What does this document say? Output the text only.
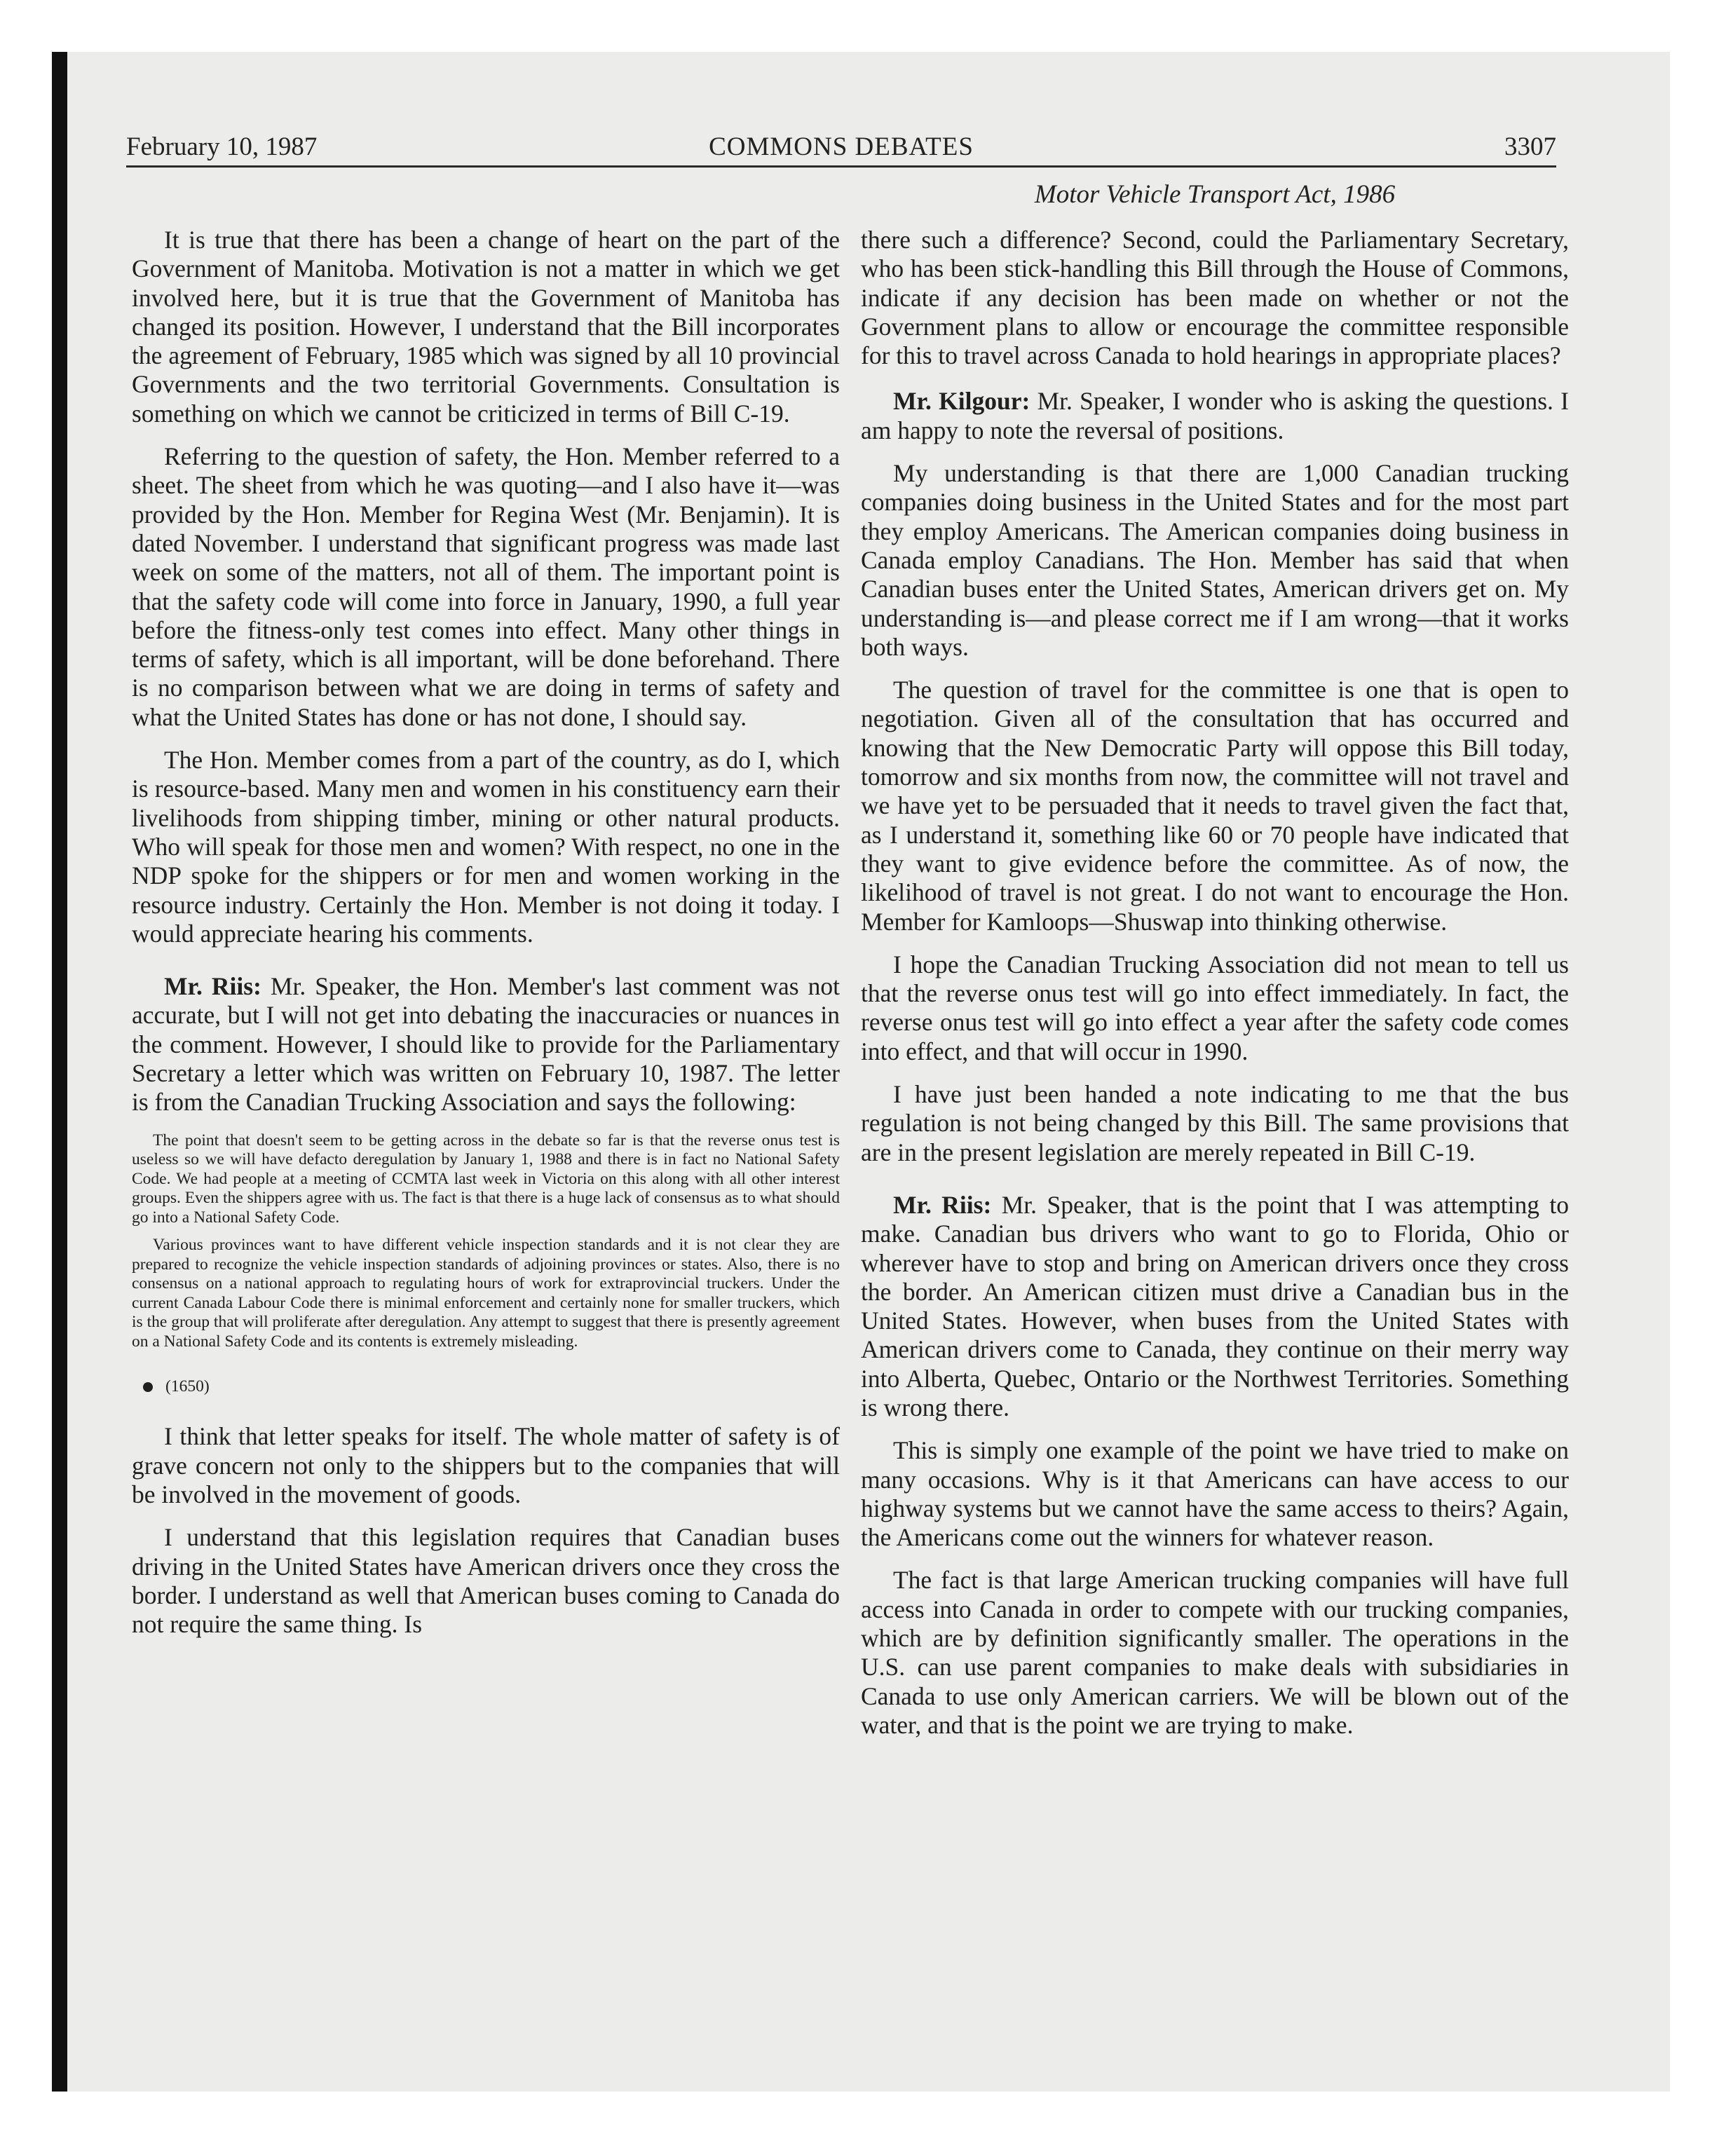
February 10, 1987	COMMONS DEBATES	3307
Motor Vehicle Transport Act, 1986

It is true that there has been a change of heart on the part of the Government of Manitoba. Motivation is not a matter in which we get involved here, but it is true that the Government of Manitoba has changed its position. However, I understand that the Bill incorporates the agreement of February, 1985 which was signed by all 10 provincial Governments and the two territorial Governments. Consultation is something on which we cannot be criticized in terms of Bill C-19.

Referring to the question of safety, the Hon. Member referred to a sheet. The sheet from which he was quoting—and I also have it—was provided by the Hon. Member for Regina West (Mr. Benjamin). It is dated November. I understand that significant progress was made last week on some of the matters, not all of them. The important point is that the safety code will come into force in January, 1990, a full year before the fitness-only test comes into effect. Many other things in terms of safety, which is all important, will be done beforehand. There is no comparison between what we are doing in terms of safety and what the United States has done or has not done, I should say.

The Hon. Member comes from a part of the country, as do I, which is resource-based. Many men and women in his constituency earn their livelihoods from shipping timber, mining or other natural products. Who will speak for those men and women? With respect, no one in the NDP spoke for the shippers or for men and women working in the resource industry. Certainly the Hon. Member is not doing it today. I would appreciate hearing his comments.

Mr. Riis: Mr. Speaker, the Hon. Member's last comment was not accurate, but I will not get into debating the inaccuracies or nuances in the comment. However, I should like to provide for the Parliamentary Secretary a letter which was written on February 10, 1987. The letter is from the Canadian Trucking Association and says the following:

The point that doesn't seem to be getting across in the debate so far is that the reverse onus test is useless so we will have defacto deregulation by January 1, 1988 and there is in fact no National Safety Code. We had people at a meeting of CCMTA last week in Victoria on this along with all other interest groups. Even the shippers agree with us. The fact is that there is a huge lack of consensus as to what should go into a National Safety Code.

Various provinces want to have different vehicle inspection standards and it is not clear they are prepared to recognize the vehicle inspection standards of adjoining provinces or states. Also, there is no consensus on a national approach to regulating hours of work for extraprovincial truckers. Under the current Canada Labour Code there is minimal enforcement and certainly none for smaller truckers, which is the group that will proliferate after deregulation. Any attempt to suggest that there is presently agreement on a National Safety Code and its contents is extremely misleading.

(1650)

I think that letter speaks for itself. The whole matter of safety is of grave concern not only to the shippers but to the companies that will be involved in the movement of goods.

I understand that this legislation requires that Canadian buses driving in the United States have American drivers once they cross the border. I understand as well that American buses coming to Canada do not require the same thing. Is

there such a difference? Second, could the Parliamentary Secretary, who has been stick-handling this Bill through the House of Commons, indicate if any decision has been made on whether or not the Government plans to allow or encourage the committee responsible for this to travel across Canada to hold hearings in appropriate places?

Mr. Kilgour: Mr. Speaker, I wonder who is asking the questions. I am happy to note the reversal of positions.

My understanding is that there are 1,000 Canadian trucking companies doing business in the United States and for the most part they employ Americans. The American companies doing business in Canada employ Canadians. The Hon. Member has said that when Canadian buses enter the United States, American drivers get on. My understanding is—and please correct me if I am wrong—that it works both ways.

The question of travel for the committee is one that is open to negotiation. Given all of the consultation that has occurred and knowing that the New Democratic Party will oppose this Bill today, tomorrow and six months from now, the committee will not travel and we have yet to be persuaded that it needs to travel given the fact that, as I understand it, something like 60 or 70 people have indicated that they want to give evidence before the committee. As of now, the likelihood of travel is not great. I do not want to encourage the Hon. Member for Kamloops—Shuswap into thinking otherwise.

I hope the Canadian Trucking Association did not mean to tell us that the reverse onus test will go into effect immediately. In fact, the reverse onus test will go into effect a year after the safety code comes into effect, and that will occur in 1990.

I have just been handed a note indicating to me that the bus regulation is not being changed by this Bill. The same provisions that are in the present legislation are merely repeated in Bill C-19.

Mr. Riis: Mr. Speaker, that is the point that I was attempting to make. Canadian bus drivers who want to go to Florida, Ohio or wherever have to stop and bring on American drivers once they cross the border. An American citizen must drive a Canadian bus in the United States. However, when buses from the United States with American drivers come to Canada, they continue on their merry way into Alberta, Quebec, Ontario or the Northwest Territories. Something is wrong there.

This is simply one example of the point we have tried to make on many occasions. Why is it that Americans can have access to our highway systems but we cannot have the same access to theirs? Again, the Americans come out the winners for whatever reason.

The fact is that large American trucking companies will have full access into Canada in order to compete with our trucking companies, which are by definition significantly smaller. The operations in the U.S. can use parent companies to make deals with subsidiaries in Canada to use only American carriers. We will be blown out of the water, and that is the point we are trying to make.
